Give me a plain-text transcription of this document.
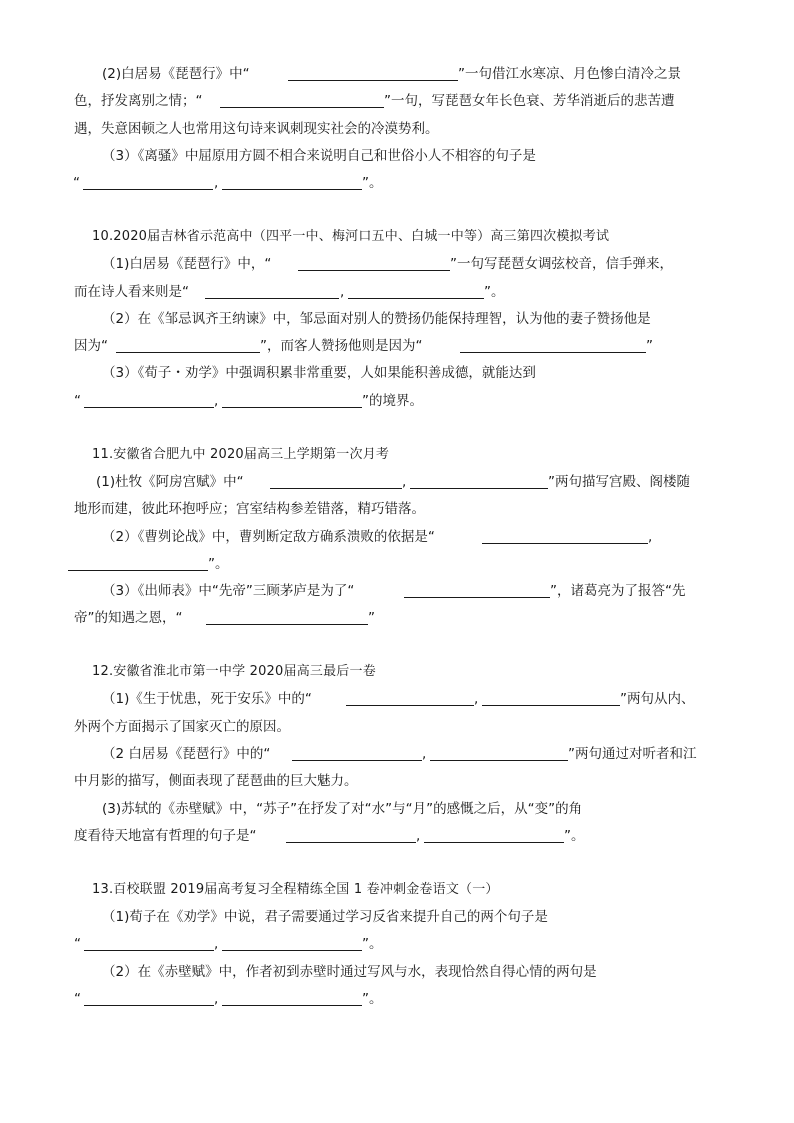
(2)白居易《琵琶行》中“	”一句借江水寒凉、月色惨白清冷之景
色，抒发离别之情；“	”一句，写琵琶女年长色衰、芳华消逝后的悲苦遭
遇，失意困顿之人也常用这句诗来讽刺现实社会的冷漠势利。
（3）《离骚》中屈原用方圆不相合来说明自己和世俗小人不相容的句子是
“	,	”。
10.2020届吉林省示范高中（四平一中、梅河口五中、白城一中等）高三第四次模拟考试
（1)白居易《琵琶行》中，“	”一句写琵琶女调弦校音，信手弹来，
而在诗人看来则是“	,	”。
（2）在《邹忌讽齐王纳谏》中，邹忌面对别人的赞扬仍能保持理智，认为他的妻子赞扬他是
因为“	”，而客人赞扬他则是因为“	”
（3）《荀子・劝学》中强调积累非常重要，人如果能积善成德，就能达到
“	,	”的境界。
11.安徽省合肥九中 2020届高三上学期第一次月考
(1)杜牧《阿房宫赋》中“	,	”两句描写宫殿、阁楼随
地形而建，彼此环抱呼应；宫室结构参差错落，精巧错落。
（2）《曹刿论战》中，曹刿断定敌方确系溃败的依据是“	,
”。
（3）《出师表》中“先帝”三顾茅庐是为了“	”，诸葛亮为了报答“先
帝”的知遇之恩，“	”
12.安徽省淮北市第一中学 2020届高三最后一卷
（1)《生于忧患，死于安乐》中的“	,	”两句从内、
外两个方面揭示了国家灭亡的原因。
（2 白居易《琵琶行》中的“	,	”两句通过对听者和江
中月影的描写，侧面表现了琵琶曲的巨大魅力。
(3)苏轼的《赤壁赋》中，“苏子”在抒发了对“水”与“月”的感慨之后，从“变”的角
度看待天地富有哲理的句子是“	,	”。
13.百校联盟 2019届高考复习全程精练全国 1 卷冲刺金卷语文（一）
（1)荀子在《劝学》中说，君子需要通过学习反省来提升自己的两个句子是
“	,	”。
（2）在《赤壁赋》中，作者初到赤壁时通过写风与水，表现恰然自得心情的两句是
“	,	”。
